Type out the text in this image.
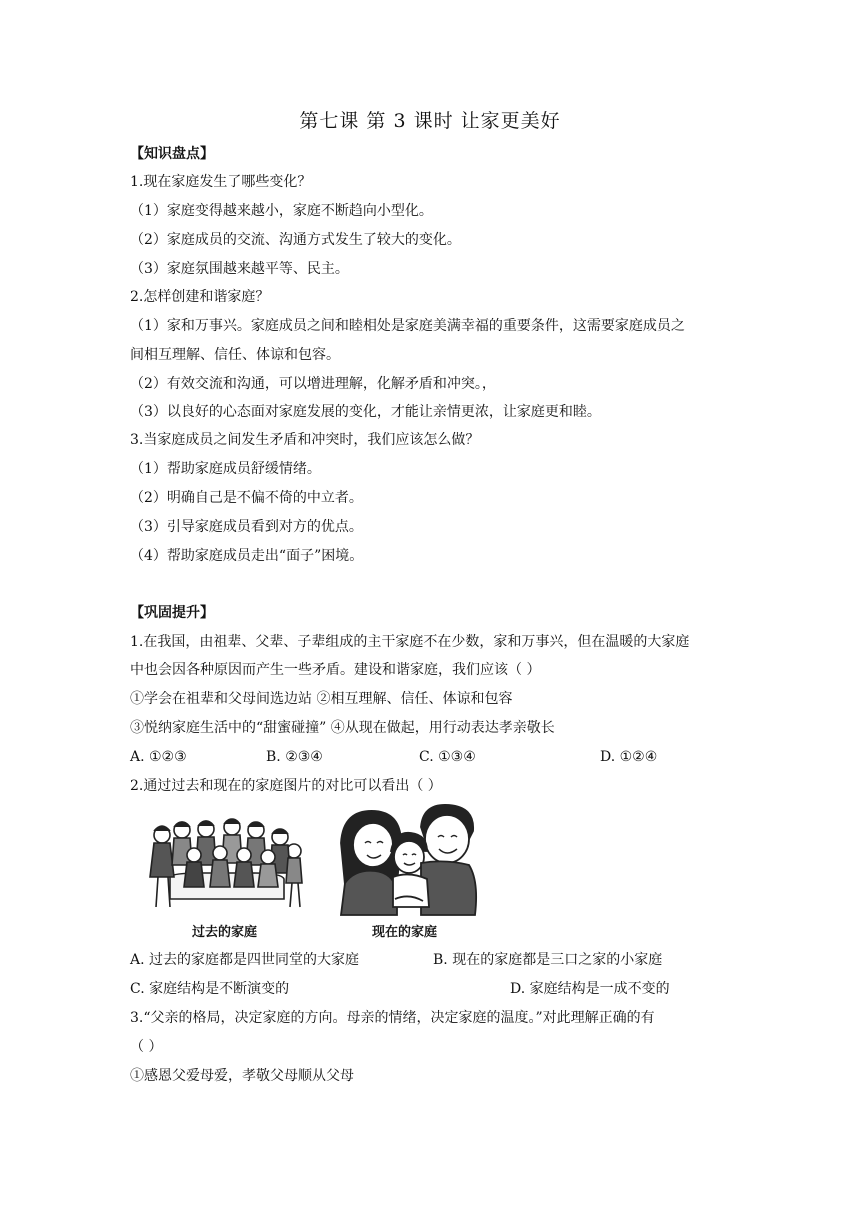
第七课 第 3 课时 让家更美好
【知识盘点】
1.现在家庭发生了哪些变化？
（1）家庭变得越来越小，家庭不断趋向小型化。
（2）家庭成员的交流、沟通方式发生了较大的变化。
（3）家庭氛围越来越平等、民主。
2.怎样创建和谐家庭？
（1）家和万事兴。家庭成员之间和睦相处是家庭美满幸福的重要条件，这需要家庭成员之
间相互理解、信任、体谅和包容。
（2）有效交流和沟通，可以增进理解，化解矛盾和冲突。，
（3）以良好的心态面对家庭发展的变化，才能让亲情更浓，让家庭更和睦。
3.当家庭成员之间发生矛盾和冲突时，我们应该怎么做？
（1）帮助家庭成员舒缓情绪。
（2）明确自己是不偏不倚的中立者。
（3）引导家庭成员看到对方的优点。
（4）帮助家庭成员走出“面子”困境。
【巩固提升】
1.在我国，由祖辈、父辈、子辈组成的主干家庭不在少数，家和万事兴，但在温暖的大家庭
中也会因各种原因而产生一些矛盾。建设和谐家庭，我们应该（ ）
①学会在祖辈和父母间选边站 ②相互理解、信任、体谅和包容
③悦纳家庭生活中的“甜蜜碰撞” ④从现在做起，用行动表达孝亲敬长
A. ①②③	B. ②③④	C. ①③④	D. ①②④
2.通过过去和现在的家庭图片的对比可以看出（ ）
过去的家庭	现在的家庭
A. 过去的家庭都是四世同堂的大家庭	B. 现在的家庭都是三口之家的小家庭
C. 家庭结构是不断演变的	D. 家庭结构是一成不变的
3.“父亲的格局，决定家庭的方向。母亲的情绪，决定家庭的温度。”对此理解正确的有
（ ）
①感恩父爱母爱，孝敬父母顺从父母
